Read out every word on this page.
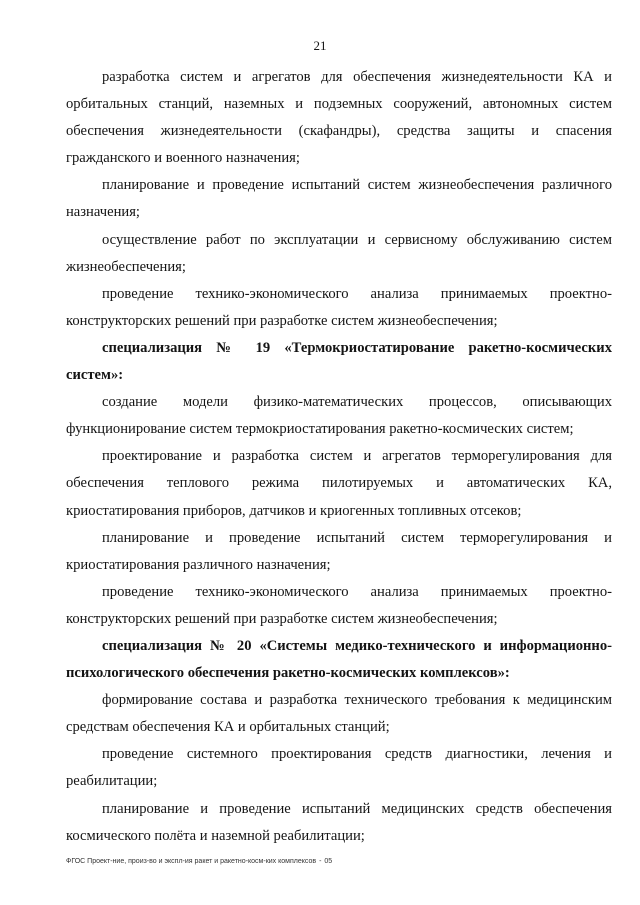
21

разработка систем и агрегатов для обеспечения жизнедеятельности КА и орбитальных станций, наземных и подземных сооружений, автономных систем обеспечения жизнедеятельности (скафандры), средства защиты и спасения гражданского и военного назначения;

планирование и проведение испытаний систем жизнеобеспечения различного назначения;

осуществление работ по эксплуатации и сервисному обслуживанию систем жизнеобеспечения;

проведение технико-экономического анализа принимаемых проектно-конструкторских решений при разработке систем жизнеобеспечения;

специализация № 19 «Термокриостатирование ракетно-космических систем»:

создание модели физико-математических процессов, описывающих функционирование систем термокриостатирования ракетно-космических систем;

проектирование и разработка систем и агрегатов терморегулирования для обеспечения теплового режима пилотируемых и автоматических КА, криостатирования приборов, датчиков и криогенных топливных отсеков;

планирование и проведение испытаний систем терморегулирования и криостатирования различного назначения;

проведение технико-экономического анализа принимаемых проектно-конструкторских решений при разработке систем жизнеобеспечения;

специализация № 20 «Системы медико-технического и информационно-психологического обеспечения ракетно-космических комплексов»:

формирование состава и разработка технического требования к медицинским средствам обеспечения КА и орбитальных станций;

проведение системного проектирования средств диагностики, лечения и реабилитации;

планирование и проведение испытаний медицинских средств обеспечения космического полёта и наземной реабилитации;

ФГОС Проект-ние, произ-во и экспл-ия ракет и ракетно-косм-ких комплексов - 05
